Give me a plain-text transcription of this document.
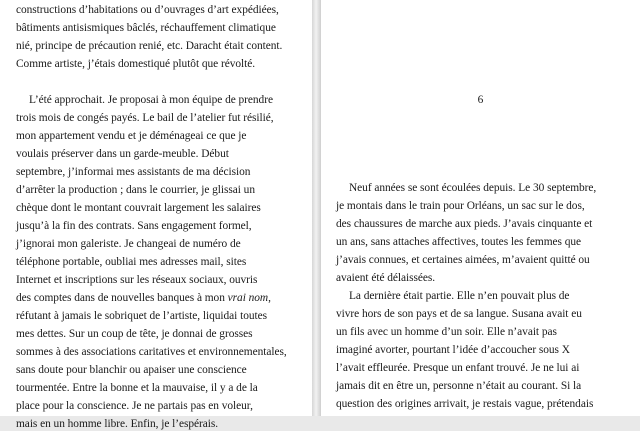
constructions d’habitations ou d’ouvrages d’art expédiées,
bâtiments antisismiques bâclés, réchauffement climatique
nié, principe de précaution renié, etc. Daracht était content.
Comme artiste, j’étais domestiqué plutôt que révolté.
L’été approchait. Je proposai à mon équipe de prendre
trois mois de congés payés. Le bail de l’atelier fut résilié,
mon appartement vendu et je déménageai ce que je
voulais préserver dans un garde-meuble. Début
septembre, j’informai mes assistants de ma décision
d’arrêter la production ; dans le courrier, je glissai un
chèque dont le montant couvrait largement les salaires
jusqu’à la fin des contrats. Sans engagement formel,
j’ignorai mon galeriste. Je changeai de numéro de
téléphone portable, oubliai mes adresses mail, sites
Internet et inscriptions sur les réseaux sociaux, ouvris
des comptes dans de nouvelles banques à mon vrai nom,
réfutant à jamais le sobriquet de l’artiste, liquidai toutes
mes dettes. Sur un coup de tête, je donnai de grosses
sommes à des associations caritatives et environnementales,
sans doute pour blanchir ou apaiser une conscience
tourmentée. Entre la bonne et la mauvaise, il y a de la
place pour la conscience. Je ne partais pas en voleur,
mais en un homme libre. Enfin, je l’espérais.
6
Neuf années se sont écoulées depuis. Le 30 septembre,
je montais dans le train pour Orléans, un sac sur le dos,
des chaussures de marche aux pieds. J’avais cinquante et
un ans, sans attaches affectives, toutes les femmes que
j’avais connues, et certaines aimées, m’avaient quitté ou
avaient été délaissées.
La dernière était partie. Elle n’en pouvait plus de
vivre hors de son pays et de sa langue. Susana avait eu
un fils avec un homme d’un soir. Elle n’avait pas
imaginé avorter, pourtant l’idée d’accoucher sous X
l’avait effleurée. Presque un enfant trouvé. Je ne lui ai
jamais dit en être un, personne n’était au courant. Si la
question des origines arrivait, je restais vague, prétendais
